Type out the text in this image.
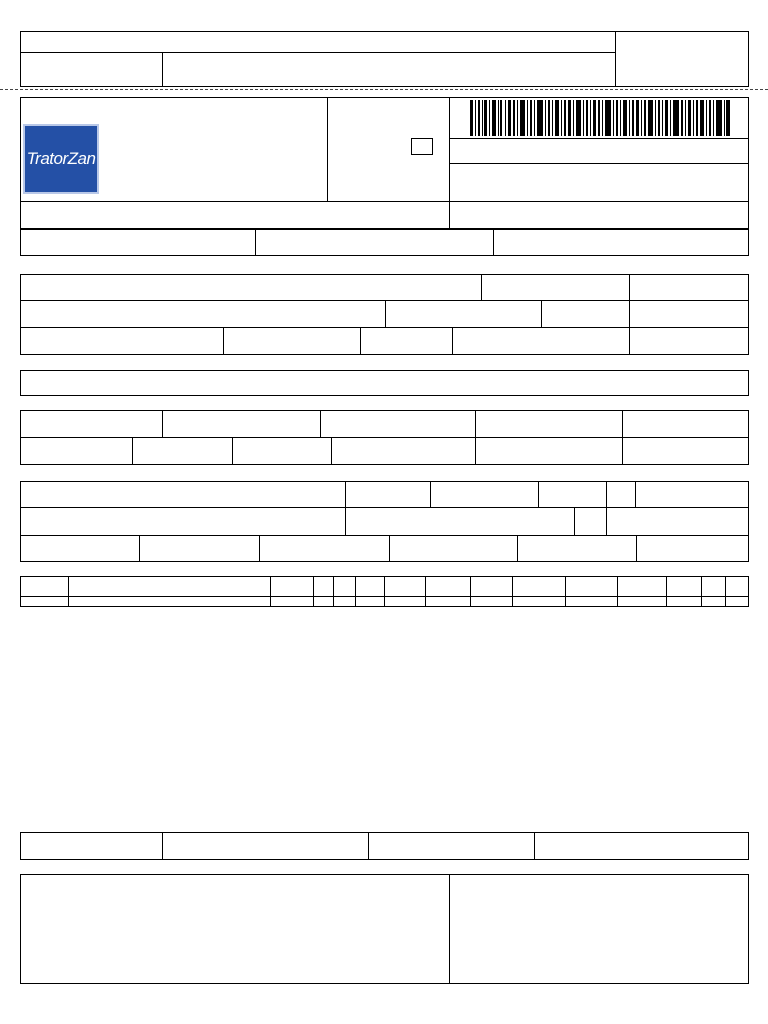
TratorZan
